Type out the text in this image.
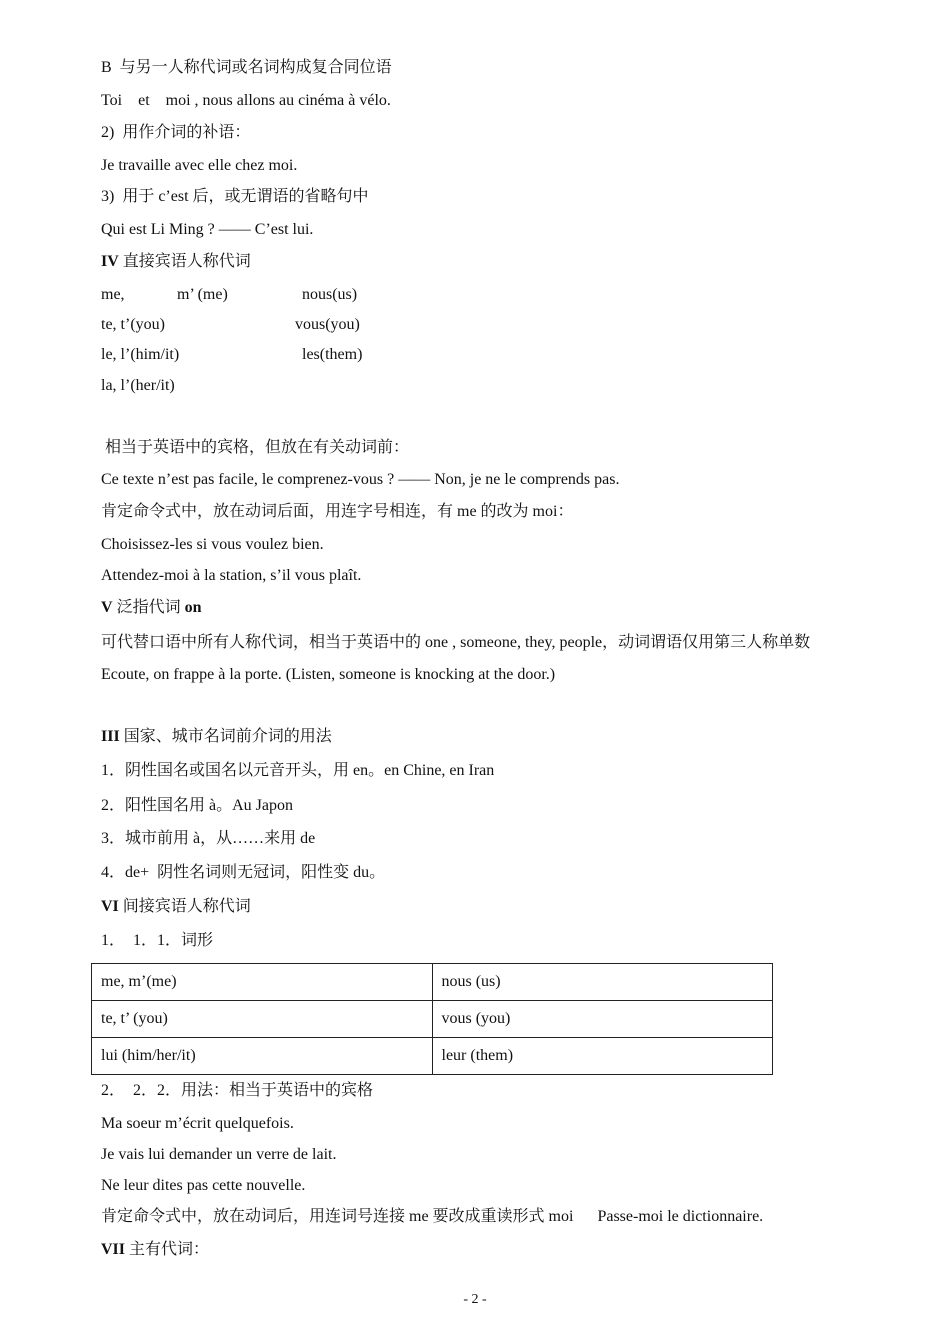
B  与另一人称代词或名词构成复合同位语
Toi    et    moi , nous allons au cinéma à vélo.
2)  用作介词的补语：
Je travaille avec elle chez moi.
3)  用于 c’est 后，或无谓语的省略句中
Qui est Li Ming ? —— C’est lui.
IV 直接宾语人称代词
me,	m’ (me)	nous(us)
te, t’(you)	vous(you)
le, l’(him/it)	les(them)
la, l’(her/it)
相当于英语中的宾格，但放在有关动词前：
Ce texte n’est pas facile, le comprenez-vous ? —— Non, je ne le comprends pas.
肯定命令式中，放在动词后面，用连字号相连，有 me 的改为 moi：
Choisissez-les si vous voulez bien.
Attendez-moi à la station, s’il vous plaît.
V 泛指代词 on
可代替口语中所有人称代词，相当于英语中的 one , someone, they, people，动词谓语仅用第三人称单数
Ecoute, on frappe à la porte. (Listen, someone is knocking at the door.)
III 国家、城市名词前介词的用法
1．阴性国名或国名以元音开头，用 en。en Chine, en Iran
2．阳性国名用 à。Au Japon
3．城市前用 à，从……来用 de
4．de+  阴性名词则无冠词，阳性变 du。
VI 间接宾语人称代词
1．  1．1．词形
me, m’(me)	nous (us)
te, t’ (you)	vous (you)
lui (him/her/it)	leur (them)
2．  2．2．用法：相当于英语中的宾格
Ma soeur m’écrit quelquefois.
Je vais lui demander un verre de lait.
Ne leur dites pas cette nouvelle.
肯定命令式中，放在动词后，用连词号连接 me 要改成重读形式 moi      Passe-moi le dictionnaire.
VII 主有代词：
- 2 -
